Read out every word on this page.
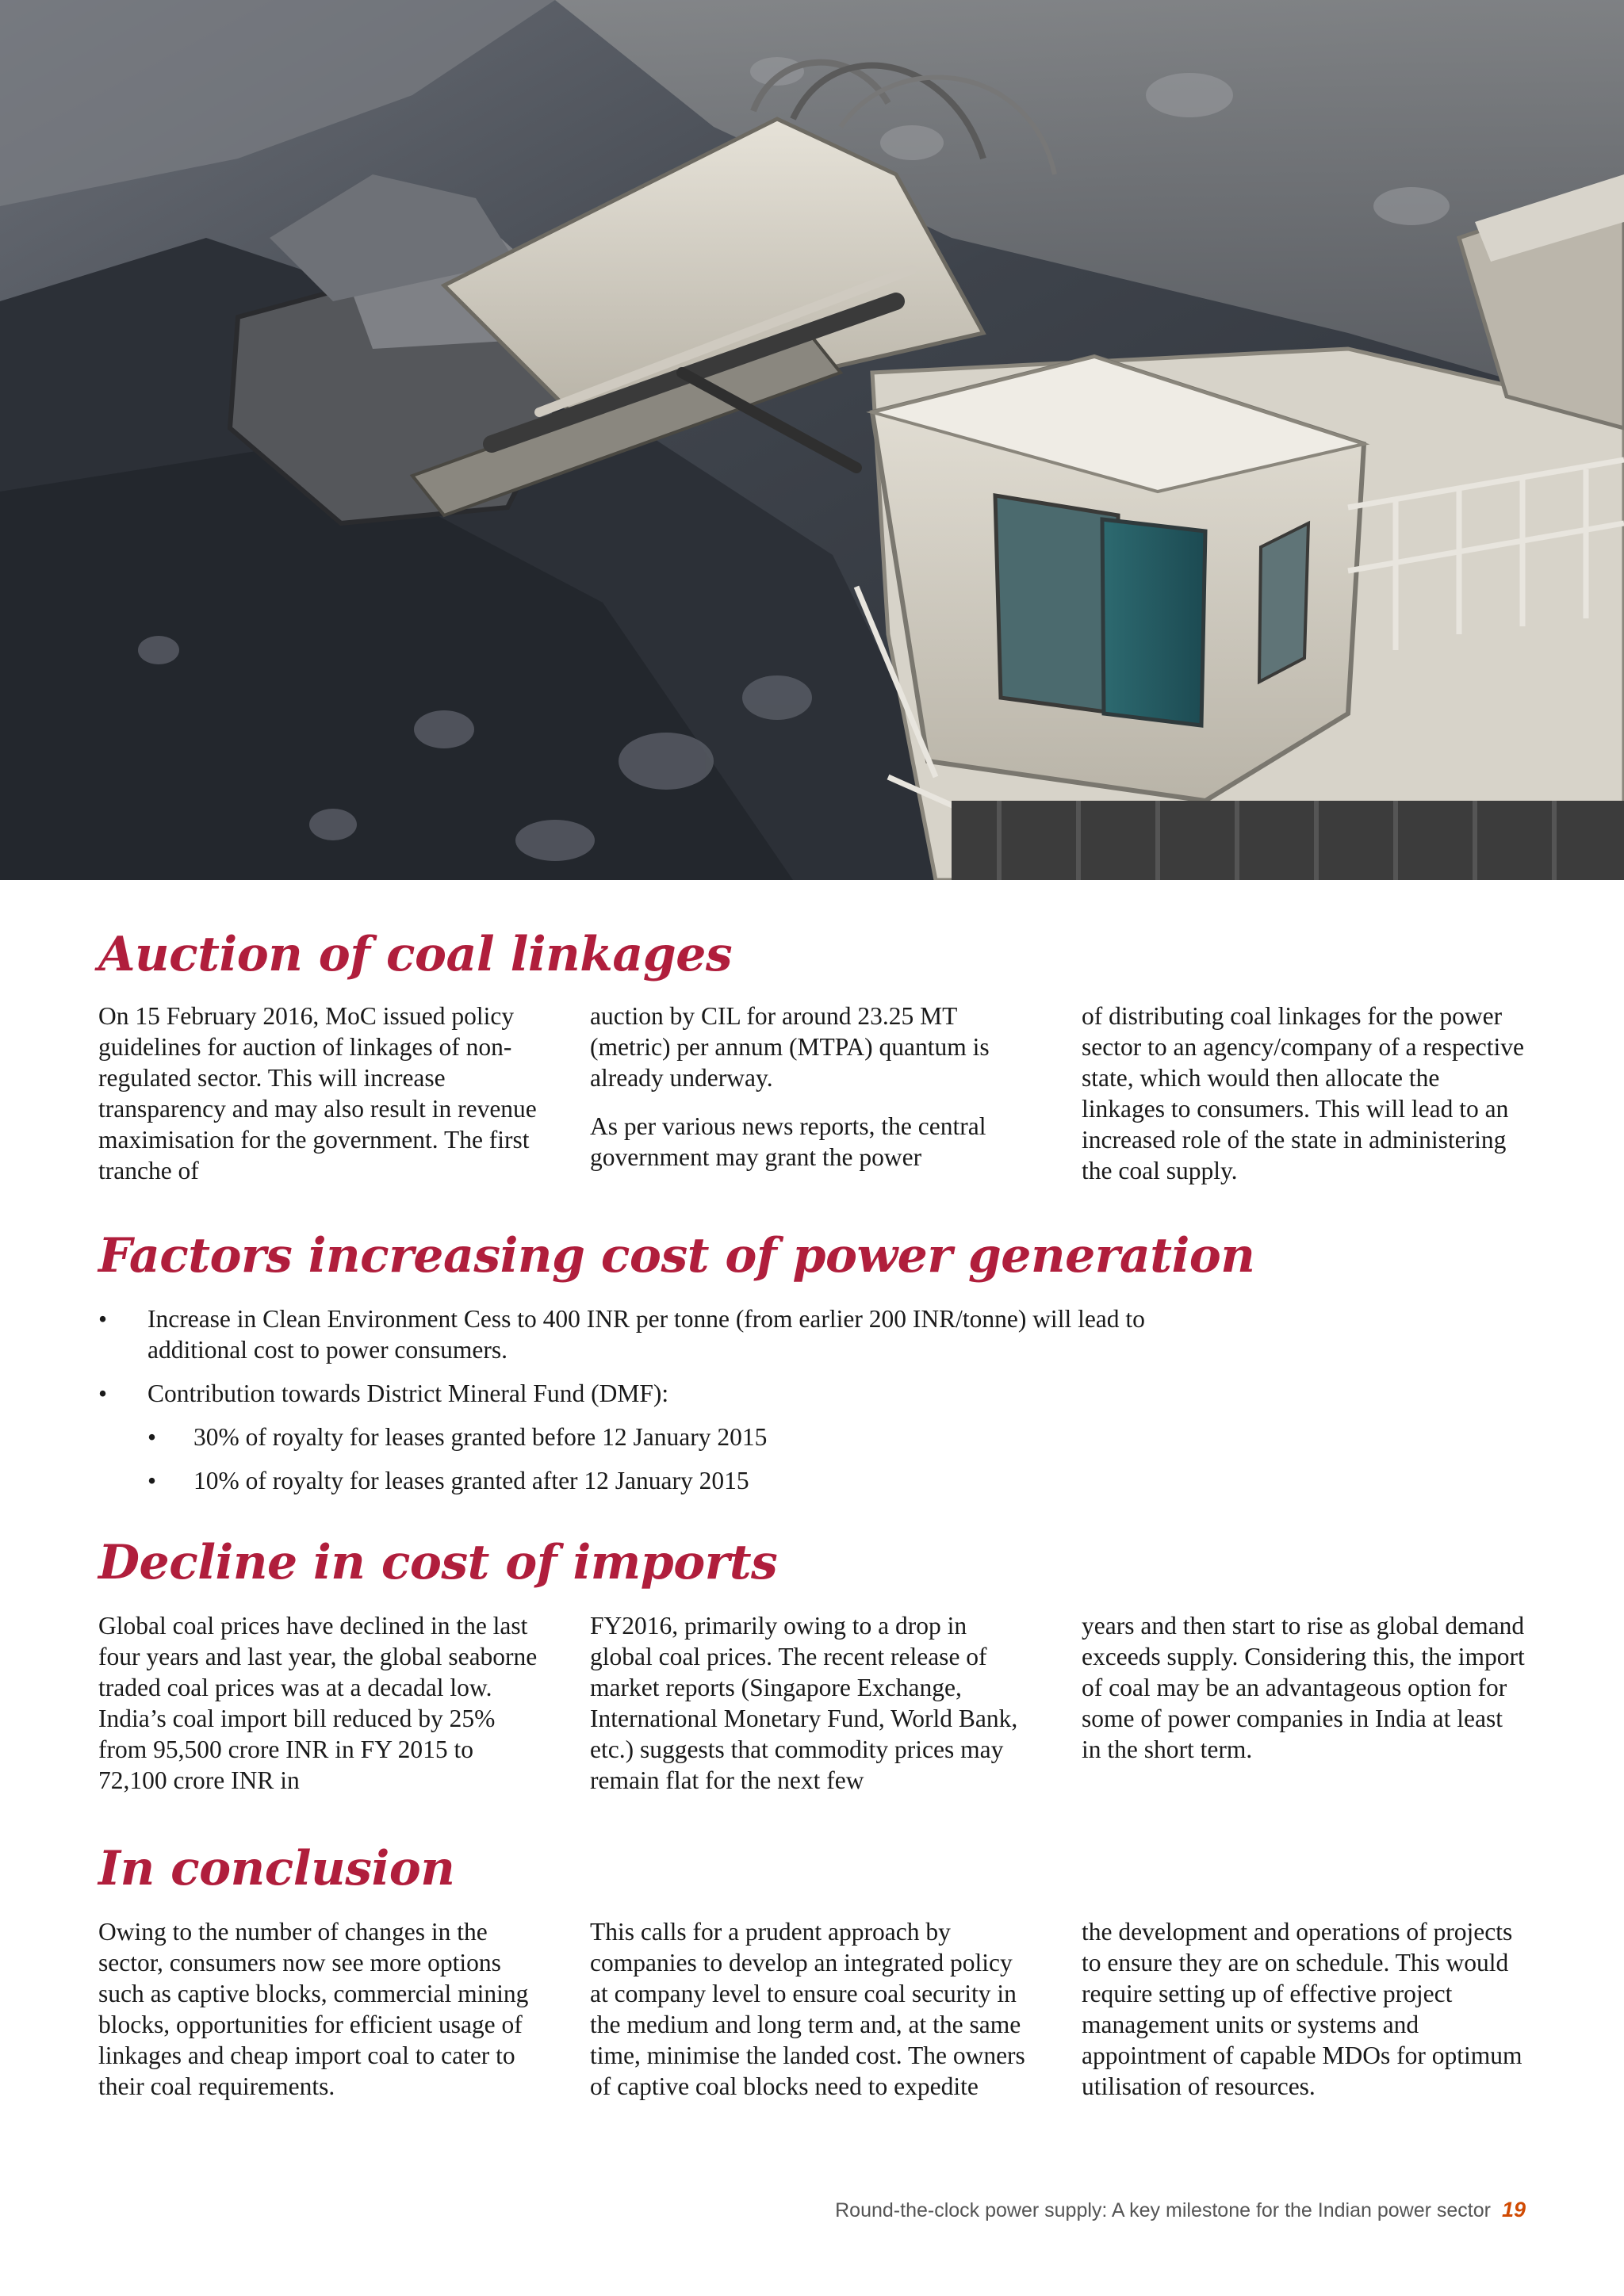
Auction of coal linkages

On 15 February 2016, MoC issued policy guidelines for auction of linkages of non-regulated sector. This will increase transparency and may also result in revenue maximisation for the government. The first tranche of

auction by CIL for around 23.25 MT (metric) per annum (MTPA) quantum is already underway.

As per various news reports, the central government may grant the power

of distributing coal linkages for the power sector to an agency/company of a respective state, which would then allocate the linkages to consumers. This will lead to an increased role of the state in administering the coal supply.

Factors increasing cost of power generation
• Increase in Clean Environment Cess to 400 INR per tonne (from earlier 200 INR/tonne) will lead to additional cost to power consumers.
• Contribution towards District Mineral Fund (DMF):
• 30% of royalty for leases granted before 12 January 2015
• 10% of royalty for leases granted after 12 January 2015
Decline in cost of imports

Global coal prices have declined in the last four years and last year, the global seaborne traded coal prices was at a decadal low. India’s coal import bill reduced by 25% from 95,500 crore INR in FY 2015 to 72,100 crore INR in

FY2016, primarily owing to a drop in global coal prices. The recent release of market reports (Singapore Exchange, International Monetary Fund, World Bank, etc.) suggests that commodity prices may remain flat for the next few

years and then start to rise as global demand exceeds supply. Considering this, the import of coal may be an advantageous option for some of power companies in India at least in the short term.

In conclusion

Owing to the number of changes in the sector, consumers now see more options such as captive blocks, commercial mining blocks, opportunities for efficient usage of linkages and cheap import coal to cater to their coal requirements.

This calls for a prudent approach by companies to develop an integrated policy at company level to ensure coal security in the medium and long term and, at the same time, minimise the landed cost. The owners of captive coal blocks need to expedite

the development and operations of projects to ensure they are on schedule. This would require setting up of effective project management units or systems and appointment of capable MDOs for optimum utilisation of resources.

Round-the-clock power supply: A key milestone for the Indian power sector 19
